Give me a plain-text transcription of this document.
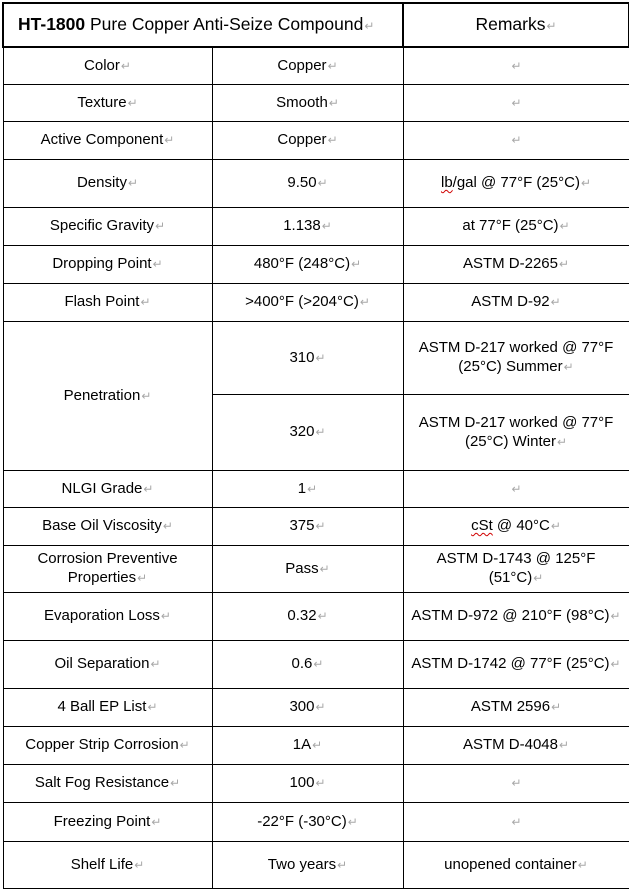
HT-1800 Pure Copper Anti-Seize Compound↵		Remarks↵
Color↵	Copper↵	↵
Texture↵	Smooth↵	↵
Active Component↵	Copper↵	↵
Density↵	9.50↵	lb/gal @ 77°F (25°C)↵
Specific Gravity↵	1.138↵	at 77°F (25°C)↵
Dropping Point↵	480°F (248°C)↵	ASTM D-2265↵
Flash Point↵	>400°F (>204°C)↵	ASTM D-92↵
Penetration↵	310↵	ASTM D-217 worked @ 77°F (25°C) Summer↵
	320↵	ASTM D-217 worked @ 77°F (25°C) Winter↵
NLGI Grade↵	1↵	↵
Base Oil Viscosity↵	375↵	cSt @ 40°C↵
Corrosion Preventive Properties↵	Pass↵	ASTM D-1743 @ 125°F (51°C)↵
Evaporation Loss↵	0.32↵	ASTM D-972 @ 210°F (98°C)↵
Oil Separation↵	0.6↵	ASTM D-1742 @ 77°F (25°C)↵
4 Ball EP List↵	300↵	ASTM 2596↵
Copper Strip Corrosion↵	1A↵	ASTM D-4048↵
Salt Fog Resistance↵	100↵	↵
Freezing Point↵	-22°F (-30°C)↵	↵
Shelf Life↵	Two years↵	unopened container↵
